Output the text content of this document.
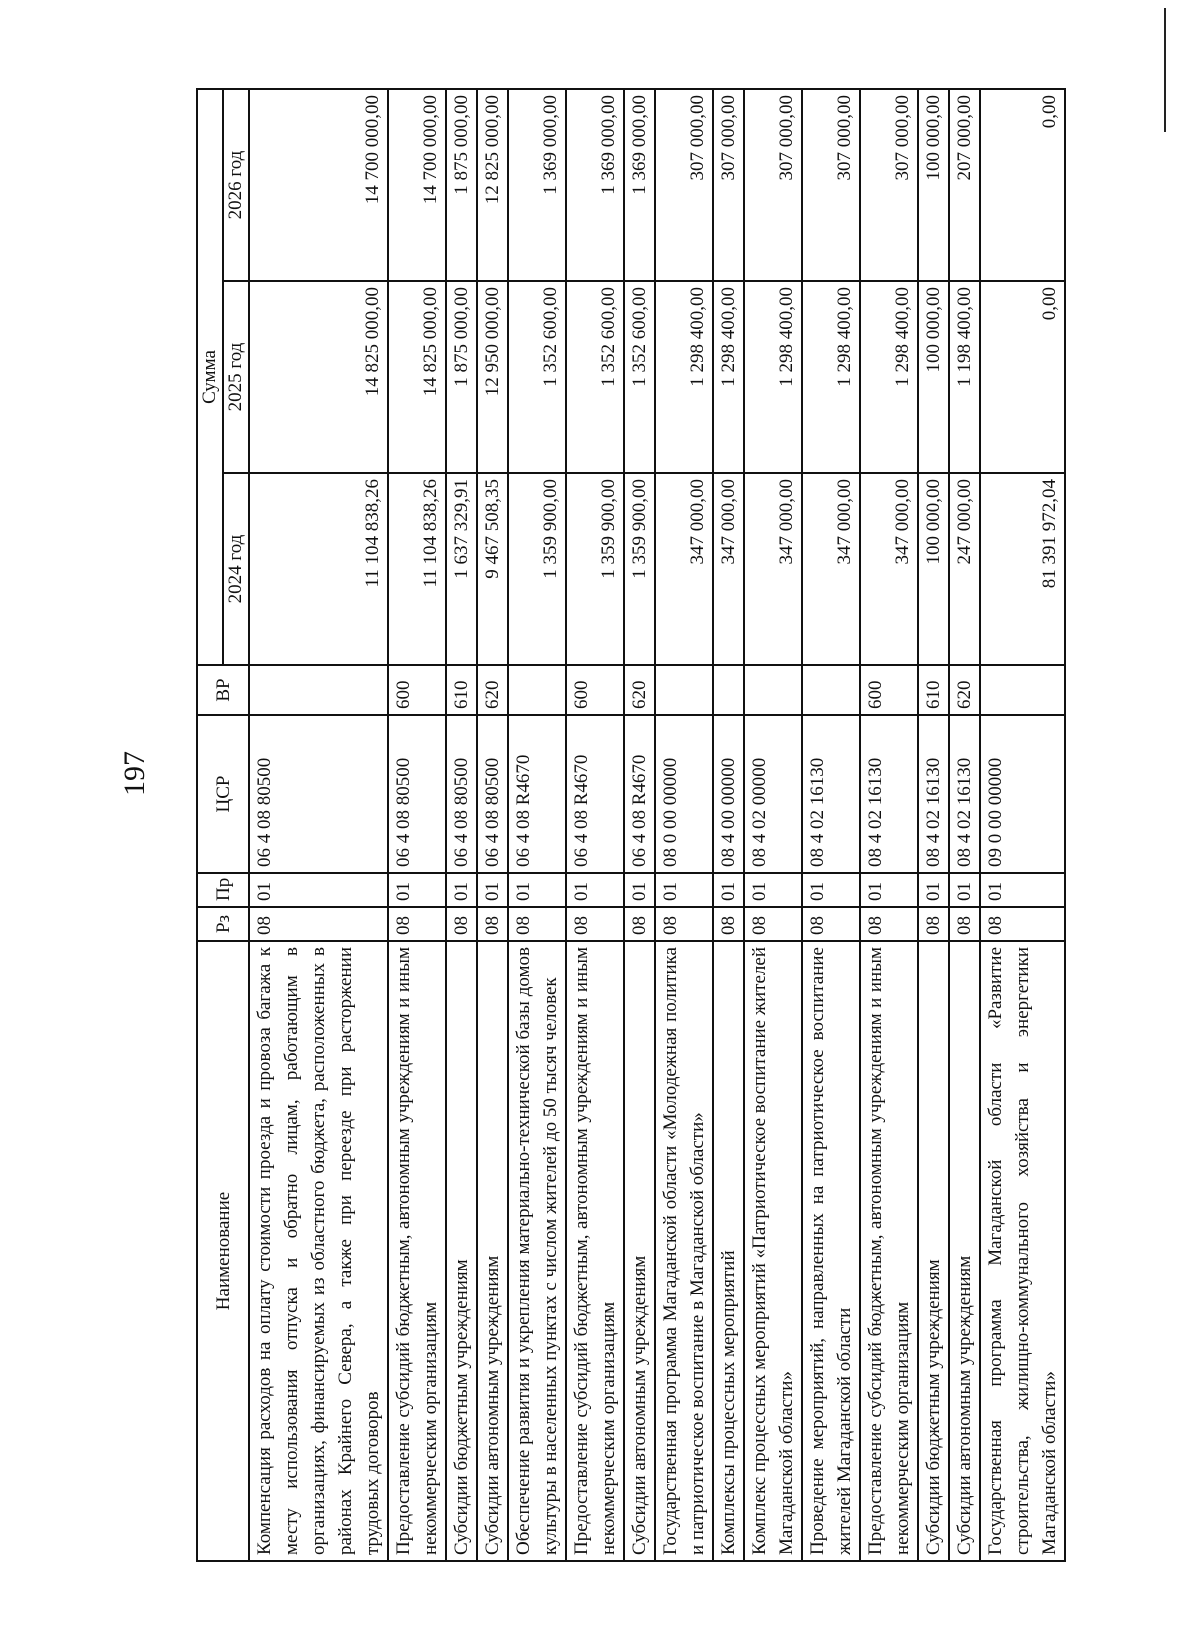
197
Наименование	Рз	Пр	ЦСР	ВР	Сумма		
					2024 год	2025 год	2026 год
Компенсация расходов на оплату стоимости проезда и провоза багажа к месту использования отпуска и обратно лицам, работающим в организациях, финансируемых из областного бюджета, расположенных в районах Крайнего Севера, а также при переезде при расторжении трудовых договоров	08	01	06 4 08 80500		11 104 838,26	14 825 000,00	14 700 000,00
Предоставление субсидий бюджетным, автономным учреждениям и иным некоммерческим организациям	08	01	06 4 08 80500	600	11 104 838,26	14 825 000,00	14 700 000,00
Субсидии бюджетным учреждениям	08	01	06 4 08 80500	610	1 637 329,91	1 875 000,00	1 875 000,00
Субсидии автономным учреждениям	08	01	06 4 08 80500	620	9 467 508,35	12 950 000,00	12 825 000,00
Обеспечение развития и укрепления материально-технической базы домов культуры в населенных пунктах с числом жителей до 50 тысяч человек	08	01	06 4 08 R4670		1 359 900,00	1 352 600,00	1 369 000,00
Предоставление субсидий бюджетным, автономным учреждениям и иным некоммерческим организациям	08	01	06 4 08 R4670	600	1 359 900,00	1 352 600,00	1 369 000,00
Субсидии автономным учреждениям	08	01	06 4 08 R4670	620	1 359 900,00	1 352 600,00	1 369 000,00
Государственная программа Магаданской области «Молодежная политика и патриотическое воспитание в Магаданской области»	08	01	08 0 00 00000		347 000,00	1 298 400,00	307 000,00
Комплексы процессных мероприятий	08	01	08 4 00 00000		347 000,00	1 298 400,00	307 000,00
Комплекс процессных мероприятий «Патриотическое воспитание жителей Магаданской области»	08	01	08 4 02 00000		347 000,00	1 298 400,00	307 000,00
Проведение мероприятий, направленных на патриотическое воспитание жителей Магаданской области	08	01	08 4 02 16130		347 000,00	1 298 400,00	307 000,00
Предоставление субсидий бюджетным, автономным учреждениям и иным некоммерческим организациям	08	01	08 4 02 16130	600	347 000,00	1 298 400,00	307 000,00
Субсидии бюджетным учреждениям	08	01	08 4 02 16130	610	100 000,00	100 000,00	100 000,00
Субсидии автономным учреждениям	08	01	08 4 02 16130	620	247 000,00	1 198 400,00	207 000,00
Государственная программа Магаданской области «Развитие строительства, жилищно-коммунального хозяйства и энергетики Магаданской области»	08	01	09 0 00 00000		81 391 972,04	0,00	0,00
